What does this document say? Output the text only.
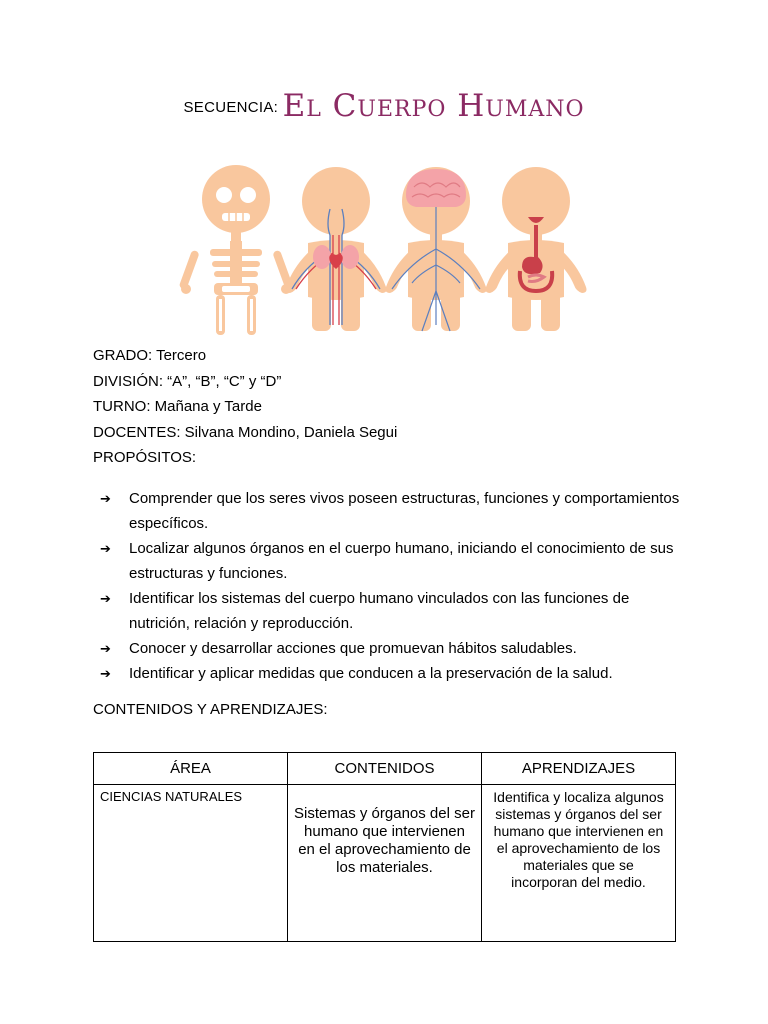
SECUENCIA: El Cuerpo Humano
GRADO: Tercero
DIVISIÓN: “A”, “B”, “C” y “D”
TURNO: Mañana y Tarde
DOCENTES: Silvana Mondino, Daniela Segui
PROPÓSITOS:
➔ Comprender que los seres vivos poseen estructuras, funciones y comportamientos específicos.
➔ Localizar algunos órganos en el cuerpo humano, iniciando el conocimiento de sus estructuras y funciones.
➔ Identificar los sistemas del cuerpo humano vinculados con las funciones de nutrición, relación y reproducción.
➔ Conocer y desarrollar acciones que promuevan hábitos saludables.
➔ Identificar y aplicar medidas que conducen a la preservación de la salud.
CONTENIDOS Y APRENDIZAJES:
ÁREA	CONTENIDOS	APRENDIZAJES
CIENCIAS NATURALES	Sistemas y órganos del ser humano que intervienen en el aprovechamiento de los materiales.	Identifica y localiza algunos sistemas y órganos del ser humano que intervienen en el aprovechamiento de los materiales que se incorporan del medio.
